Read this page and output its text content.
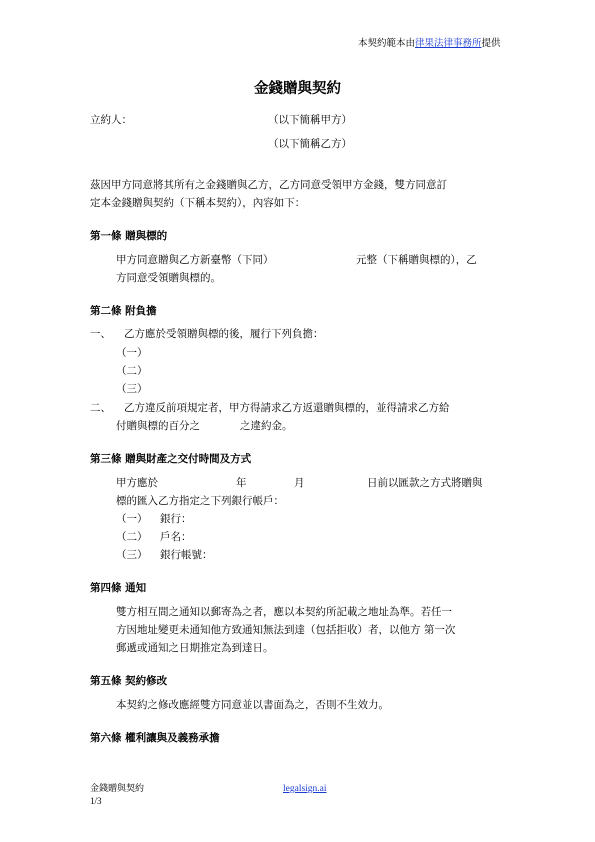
本契約範本由律果法律事務所提供
金錢贈與契約
立約人：	（以下簡稱甲方）
（以下簡稱乙方）
茲因甲方同意將其所有之金錢贈與乙方，乙方同意受領甲方金錢，雙方同意訂
定本金錢贈與契約（下稱本契約），內容如下：
第一條 贈與標的
甲方同意贈與乙方新臺幣（下同）	元整（下稱贈與標的），乙
方同意受領贈與標的。
第二條 附負擔
一、 乙方應於受領贈與標的後，履行下列負擔：
（一）
（二）
（三）
二、 乙方違反前項規定者，甲方得請求乙方返還贈與標的，並得請求乙方給
付贈與標的百分之	之違約金。
第三條 贈與財產之交付時間及方式
甲方應於	年	月	日前以匯款之方式將贈與
標的匯入乙方指定之下列銀行帳戶：
（一） 銀行：
（二） 戶名：
（三） 銀行帳號：
第四條 通知
雙方相互間之通知以郵寄為之者，應以本契約所記載之地址為準。若任一
方因地址變更未通知他方致通知無法到達（包括拒收）者，以他方 第一次
郵遞或通知之日期推定為到達日。
第五條 契約修改
本契約之修改應經雙方同意並以書面為之，否則不生效力。
第六條 權利讓與及義務承擔
金錢贈與契約	legalsign.ai
1/3
